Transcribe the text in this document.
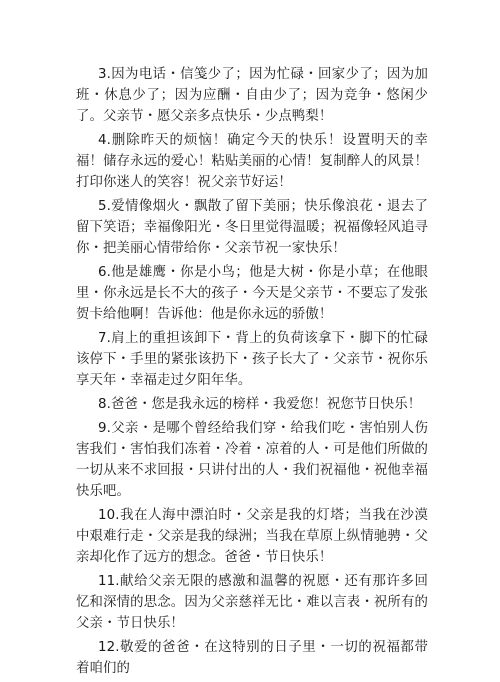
3.因为电话・信笺少了；因为忙碌・回家少了；因为加班・休息少了；因为应酬・自由少了；因为竞争・悠闲少了。父亲节・愿父亲多点快乐・少点鸭梨！

4.删除昨天的烦恼！确定今天的快乐！设置明天的幸福！储存永远的爱心！粘贴美丽的心情！复制醉人的风景！打印你迷人的笑容！祝父亲节好运！

5.爱情像烟火・飘散了留下美丽；快乐像浪花・退去了留下笑语；幸福像阳光・冬日里觉得温暖；祝福像轻风追寻你・把美丽心情带给你・父亲节祝一家快乐！

6.他是雄鹰・你是小鸟；他是大树・你是小草；在他眼里・你永远是长不大的孩子・今天是父亲节・不要忘了发张贺卡给他啊！告诉他：他是你永远的骄傲！

7.肩上的重担该卸下・背上的负荷该拿下・脚下的忙碌该停下・手里的紧张该扔下・孩子长大了・父亲节・祝你乐享天年・幸福走过夕阳年华。

8.爸爸・您是我永远的榜样・我爱您！祝您节日快乐！

9.父亲・是哪个曾经给我们穿・给我们吃・害怕别人伤害我们・害怕我们冻着・冷着・凉着的人・可是他们所做的一切从来不求回报・只讲付出的人・我们祝福他・祝他幸福快乐吧。

10.我在人海中漂泊时・父亲是我的灯塔；当我在沙漠中艰难行走・父亲是我的绿洲；当我在草原上纵情驰骋・父亲却化作了远方的想念。爸爸・节日快乐！

11.献给父亲无限的感激和温馨的祝愿・还有那许多回忆和深情的思念。因为父亲慈祥无比・难以言表・祝所有的父亲・节日快乐！

12.敬爱的爸爸・在这特别的日子里・一切的祝福都带着咱们的
